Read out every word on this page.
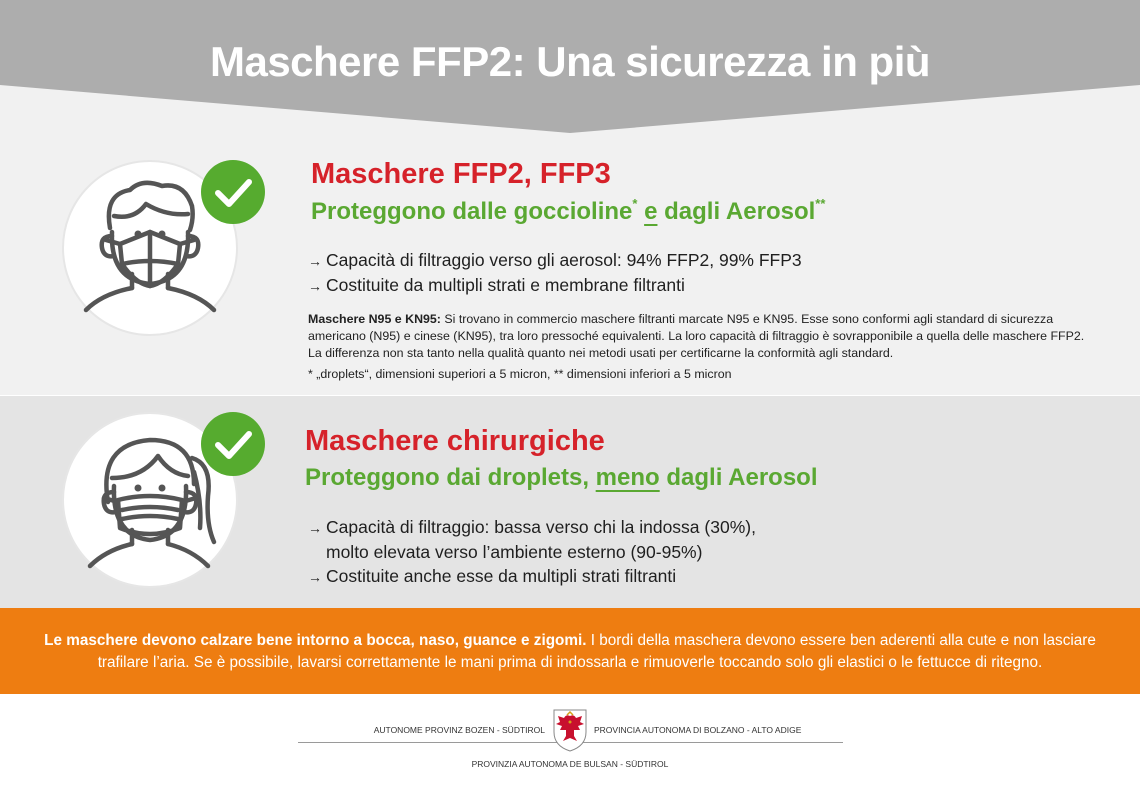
Maschere FFP2: Una sicurezza in più
Maschere FFP2, FFP3
Proteggono dalle goccioline* e dagli Aerosol**
→ Capacità di filtraggio verso gli aerosol: 94% FFP2, 99% FFP3
→ Costituite da multipli strati e membrane filtranti
Maschere N95 e KN95: Si trovano in commercio maschere filtranti marcate N95 e KN95. Esse sono conformi agli standard di sicurezza americano (N95) e cinese (KN95), tra loro pressoché equivalenti. La loro capacità di filtraggio è sovrapponibile a quella delle maschere FFP2. La differenza non sta tanto nella qualità quanto nei metodi usati per certificarne la conformità agli standard.
* „droplets“, dimensioni superiori a 5 micron, ** dimensioni inferiori a 5 micron
Maschere chirurgiche
Proteggono dai droplets, meno dagli Aerosol
→ Capacità di filtraggio: bassa verso chi la indossa (30%),
molto elevata verso l’ambiente esterno (90-95%)
→ Costituite anche esse da multipli strati filtranti
Le maschere devono calzare bene intorno a bocca, naso, guance e zigomi. I bordi della maschera devono essere ben aderenti alla cute e non lasciare trafilare l’aria. Se è possibile, lavarsi correttamente le mani prima di indossarla e rimuoverle toccando solo gli elastici o le fettucce di ritegno.
AUTONOME PROVINZ BOZEN - SÜDTIROL	PROVINCIA AUTONOMA DI BOLZANO - ALTO ADIGE
PROVINZIA AUTONOMA DE BULSAN - SÜDTIROL
